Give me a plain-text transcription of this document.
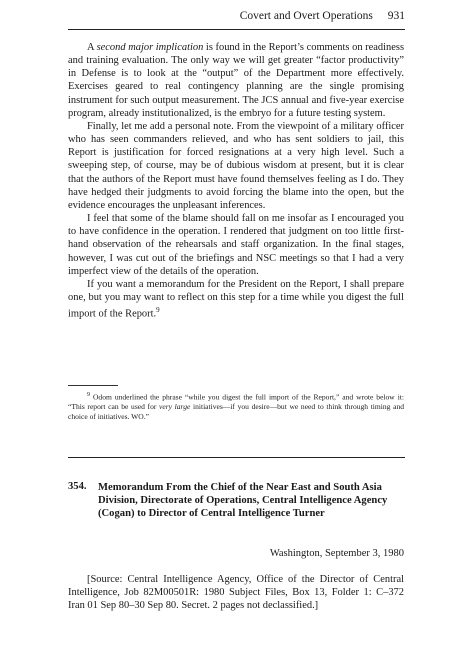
Covert and Overt Operations 931

A second major implication is found in the Report’s comments on readiness and training evaluation. The only way we will get greater “factor productivity” in Defense is to look at the “output” of the Department more effectively. Exercises geared to real contingency planning are the single promising instrument for such output measurement. The JCS annual and five-year exercise program, already institutionalized, is the embryo for a future testing system.

Finally, let me add a personal note. From the viewpoint of a military officer who has seen commanders relieved, and who has sent soldiers to jail, this Report is justification for forced resignations at a very high level. Such a sweeping step, of course, may be of dubious wisdom at present, but it is clear that the authors of the Report must have found themselves feeling as I do. They have hedged their judgments to avoid forcing the blame into the open, but the evidence encourages the unpleasant inferences.

I feel that some of the blame should fall on me insofar as I encouraged you to have confidence in the operation. I rendered that judgment on too little first-hand observation of the rehearsals and staff organization. In the final stages, however, I was cut out of the briefings and NSC meetings so that I had a very imperfect view of the details of the operation.

If you want a memorandum for the President on the Report, I shall prepare one, but you may want to reflect on this step for a time while you digest the full import of the Report.$^9$

$^9$ Odom underlined the phrase “while you digest the full import of the Report,” and wrote below it: “This report can be used for very large initiatives—if you desire—but we need to think through timing and choice of initiatives. WO.”

354. Memorandum From the Chief of the Near East and South Asia Division, Directorate of Operations, Central Intelligence Agency (Cogan) to Director of Central Intelligence Turner
Washington, September 3, 1980

[Source: Central Intelligence Agency, Office of the Director of Central Intelligence, Job 82M00501R: 1980 Subject Files, Box 13, Folder 1: C–372 Iran 01 Sep 80–30 Sep 80. Secret. 2 pages not declassified.]
